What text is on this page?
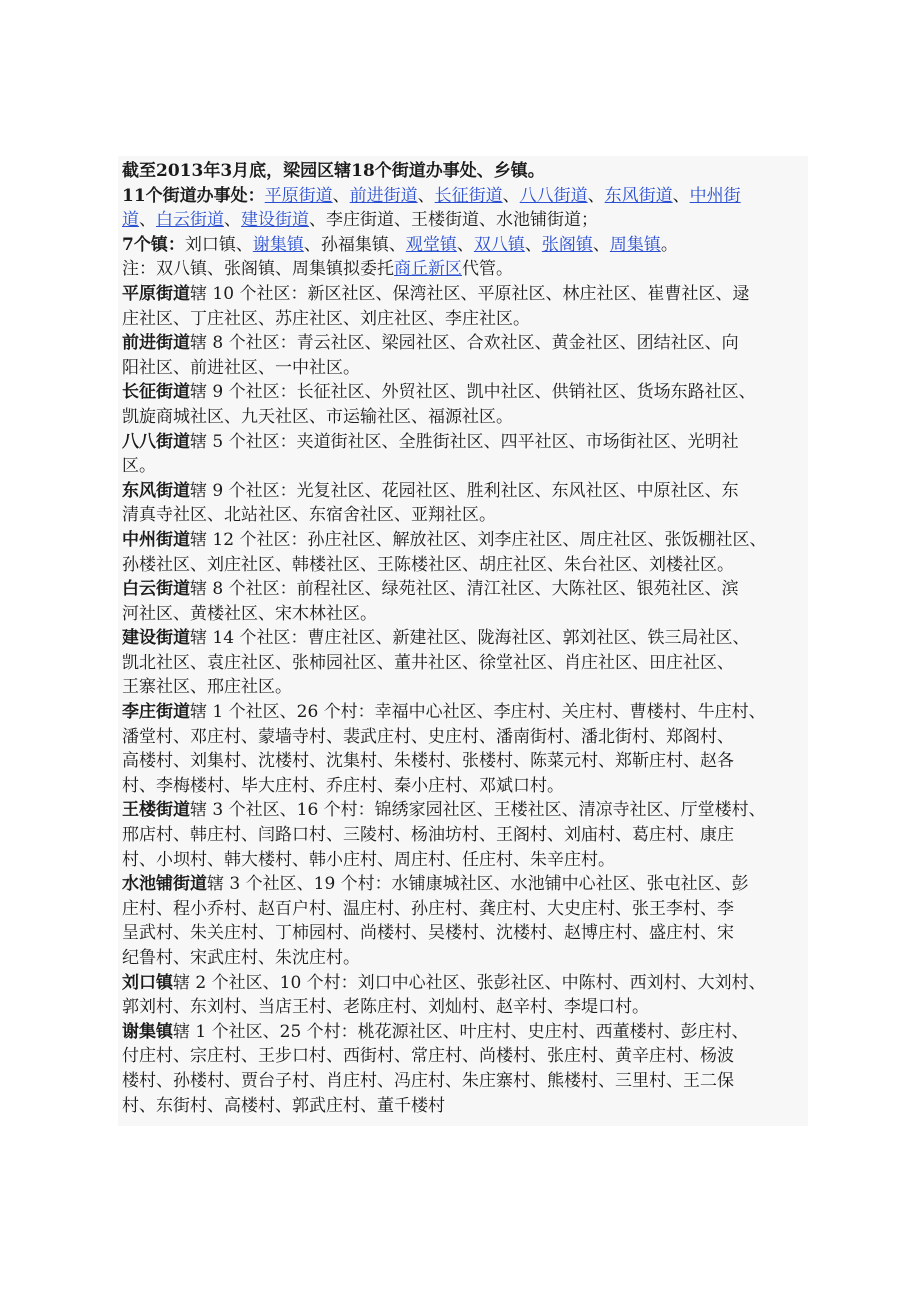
截至2013年3月底，梁园区辖18个街道办事处、乡镇。
11个街道办事处：平原街道、前进街道、长征街道、八八街道、东风街道、中州街
道、白云街道、建设街道、李庄街道、王楼街道、水池铺街道；
7个镇：刘口镇、谢集镇、孙福集镇、观堂镇、双八镇、张阁镇、周集镇。
注：双八镇、张阁镇、周集镇拟委托商丘新区代管。
平原街道辖 10 个社区：新区社区、保湾社区、平原社区、林庄社区、崔曹社区、逯
庄社区、丁庄社区、苏庄社区、刘庄社区、李庄社区。
前进街道辖 8 个社区：青云社区、梁园社区、合欢社区、黄金社区、团结社区、向
阳社区、前进社区、一中社区。
长征街道辖 9 个社区：长征社区、外贸社区、凯中社区、供销社区、货场东路社区、
凯旋商城社区、九天社区、市运输社区、福源社区。
八八街道辖 5 个社区：夹道街社区、全胜街社区、四平社区、市场街社区、光明社
区。
东风街道辖 9 个社区：光复社区、花园社区、胜利社区、东风社区、中原社区、东
清真寺社区、北站社区、东宿舍社区、亚翔社区。
中州街道辖 12 个社区：孙庄社区、解放社区、刘李庄社区、周庄社区、张饭棚社区、
孙楼社区、刘庄社区、韩楼社区、王陈楼社区、胡庄社区、朱台社区、刘楼社区。
白云街道辖 8 个社区：前程社区、绿苑社区、清江社区、大陈社区、银苑社区、滨
河社区、黄楼社区、宋木林社区。
建设街道辖 14 个社区：曹庄社区、新建社区、陇海社区、郭刘社区、铁三局社区、
凯北社区、袁庄社区、张柿园社区、董井社区、徐堂社区、肖庄社区、田庄社区、
王寨社区、邢庄社区。
李庄街道辖 1 个社区、26 个村：幸福中心社区、李庄村、关庄村、曹楼村、牛庄村、
潘堂村、邓庄村、蒙墙寺村、裴武庄村、史庄村、潘南街村、潘北街村、郑阁村、
高楼村、刘集村、沈楼村、沈集村、朱楼村、张楼村、陈菜元村、郑靳庄村、赵各
村、李梅楼村、毕大庄村、乔庄村、秦小庄村、邓斌口村。
王楼街道辖 3 个社区、16 个村：锦绣家园社区、王楼社区、清凉寺社区、厅堂楼村、
邢店村、韩庄村、闫路口村、三陵村、杨油坊村、王阁村、刘庙村、葛庄村、康庄
村、小坝村、韩大楼村、韩小庄村、周庄村、任庄村、朱辛庄村。
水池铺街道辖 3 个社区、19 个村：水铺康城社区、水池铺中心社区、张屯社区、彭
庄村、程小乔村、赵百户村、温庄村、孙庄村、龚庄村、大史庄村、张王李村、李
呈武村、朱关庄村、丁柿园村、尚楼村、吴楼村、沈楼村、赵博庄村、盛庄村、宋
纪鲁村、宋武庄村、朱沈庄村。
刘口镇辖 2 个社区、10 个村：刘口中心社区、张彭社区、中陈村、西刘村、大刘村、
郭刘村、东刘村、当店王村、老陈庄村、刘灿村、赵辛村、李堤口村。
谢集镇辖 1 个社区、25 个村：桃花源社区、叶庄村、史庄村、西董楼村、彭庄村、
付庄村、宗庄村、王步口村、西街村、常庄村、尚楼村、张庄村、黄辛庄村、杨波
楼村、孙楼村、贾台子村、肖庄村、冯庄村、朱庄寨村、熊楼村、三里村、王二保
村、东街村、高楼村、郭武庄村、董千楼村
